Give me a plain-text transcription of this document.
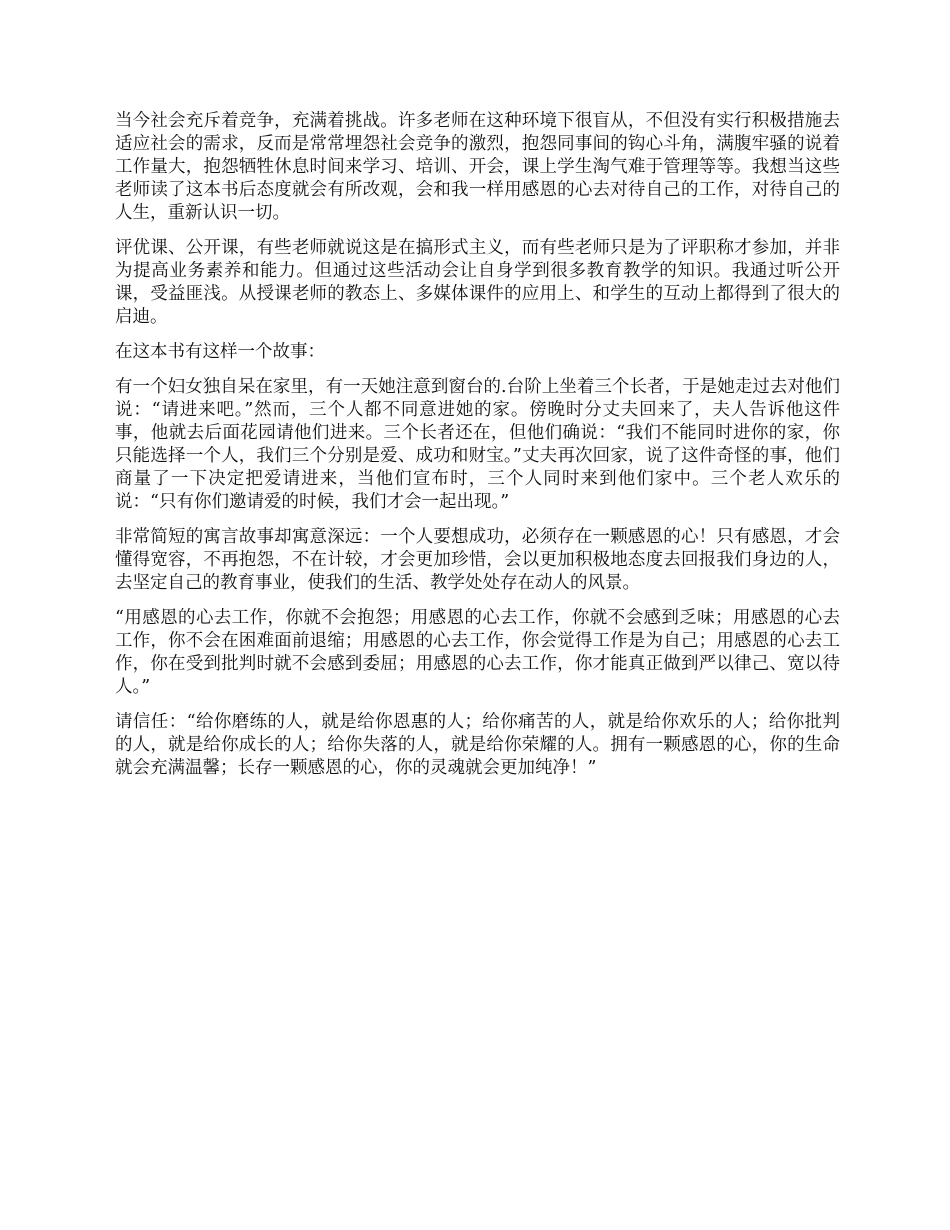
当今社会充斥着竞争，充满着挑战。许多老师在这种环境下很盲从，不但没有实行积极措施去适应社会的需求，反而是常常埋怨社会竞争的激烈，抱怨同事间的钩心斗角，满腹牢骚的说着工作量大，抱怨牺牲休息时间来学习、培训、开会，课上学生淘气难于管理等等。我想当这些老师读了这本书后态度就会有所改观，会和我一样用感恩的心去对待自己的工作，对待自己的人生，重新认识一切。

评优课、公开课，有些老师就说这是在搞形式主义，而有些老师只是为了评职称才参加，并非为提高业务素养和能力。但通过这些活动会让自身学到很多教育教学的知识。我通过听公开课，受益匪浅。从授课老师的教态上、多媒体课件的应用上、和学生的互动上都得到了很大的启迪。

在这本书有这样一个故事：

有一个妇女独自呆在家里，有一天她注意到窗台的.台阶上坐着三个长者，于是她走过去对他们说：“请进来吧。”然而，三个人都不同意进她的家。傍晚时分丈夫回来了，夫人告诉他这件事，他就去后面花园请他们进来。三个长者还在，但他们确说：“我们不能同时进你的家，你只能选择一个人，我们三个分别是爱、成功和财宝。”丈夫再次回家，说了这件奇怪的事，他们商量了一下决定把爱请进来，当他们宣布时，三个人同时来到他们家中。三个老人欢乐的说：“只有你们邀请爱的时候，我们才会一起出现。”

非常简短的寓言故事却寓意深远：一个人要想成功，必须存在一颗感恩的心！只有感恩，才会懂得宽容，不再抱怨，不在计较，才会更加珍惜，会以更加积极地态度去回报我们身边的人，去坚定自己的教育事业，使我们的生活、教学处处存在动人的风景。

“用感恩的心去工作，你就不会抱怨；用感恩的心去工作，你就不会感到乏味；用感恩的心去工作，你不会在困难面前退缩；用感恩的心去工作，你会觉得工作是为自己；用感恩的心去工作，你在受到批判时就不会感到委屈；用感恩的心去工作，你才能真正做到严以律己、宽以待人。”

请信任：“给你磨练的人，就是给你恩惠的人；给你痛苦的人，就是给你欢乐的人；给你批判的人，就是给你成长的人；给你失落的人，就是给你荣耀的人。拥有一颗感恩的心，你的生命就会充满温馨；长存一颗感恩的心，你的灵魂就会更加纯净！”
